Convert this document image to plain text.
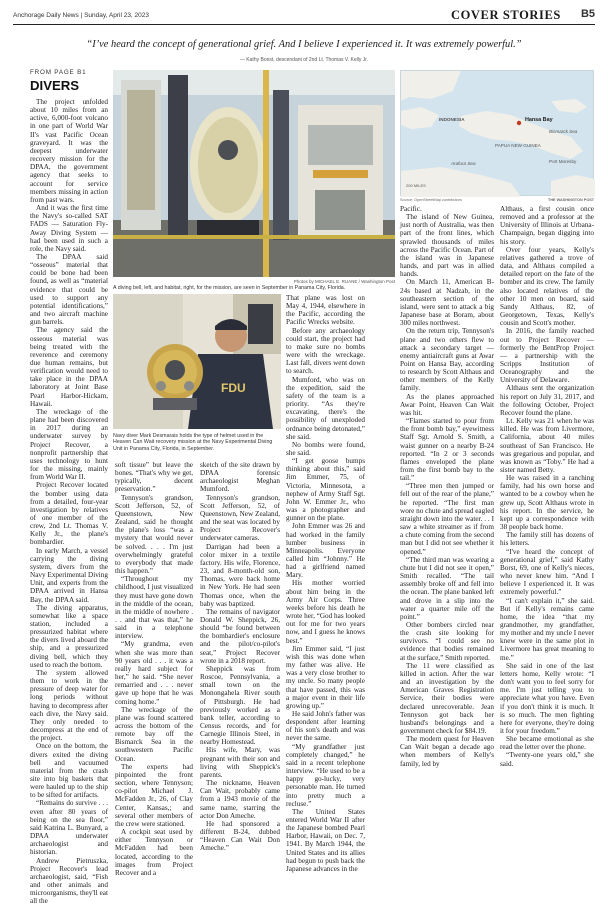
Anchorage Daily News | Sunday, April 23, 2023	COVER STORIES B5
“I’ve heard the concept of generational grief. And I believe I experienced it. It was extremely powerful.”
— Kathy Bonst, descendant of 2nd Lt. Thomas V. Kelly Jr.
FROM PAGE B1
DIVERS
Photos by MICHAEL E. RUANE / Washington Post
A diving bell, left, and habitat, right, for the mission, are seen in September in Panama City, Florida.
INDONESIA	Hansa Bay
Bismarck Sea
PAPUA NEW GUINEA
Port Moresby
Arafura Sea
200 MILES
Source: OpenStreetMap contributors	THE WASHINGTON POST
FDU
Navy diver Mark Desmarais holds the type of helmet used in the Heaven Can Wait recovery mission at the Navy Experimental Diving Unit in Panama City, Florida, in September.

The project unfolded about 10 miles from an active, 6,000-foot volcano in one part of World War II's vast Pacific Ocean graveyard. It was the deepest underwater recovery mission for the DPAA, the government agency that seeks to account for service members missing in action from past wars.

And it was the first time the Navy's so-called SAT FADS — Saturation Fly-Away Diving System — had been used in such a role, the Navy said.

The DPAA said “osseous” material that could be bone had been found, as well as “material evidence that could be used to support any potential identifications,” and two aircraft machine gun barrels.

The agency said the osseous material was being treated with the reverence and ceremony due human remains, but verification would need to take place in the DPAA laboratory at Joint Base Pearl Harbor-Hickam, Hawaii.

The wreckage of the plane had been discovered in 2017 during an underwater survey by Project Recover, a nonprofit partnership that uses technology to hunt for the missing, mainly from World War II.

Project Recover located the bomber using data from a detailed, four-year investigation by relatives of one member of the crew, 2nd Lt. Thomas V. Kelly Jr., the plane's bombardier.

In early March, a vessel carrying the diving system, divers from the Navy Experimental Diving Unit, and experts from the DPAA arrived in Hansa Bay, the DPAA said.

The diving apparatus, somewhat like a space station, included a pressurized habitat where the divers lived aboard the ship, and a pressurized diving bell, which they used to reach the bottom.

The system allowed them to work in the pressure of deep water for long periods without having to decompress after each dive, the Navy said. They only needed to decompress at the end of the project.

Once on the bottom, the divers exited the diving bell and vacuumed material from the crash site into big baskets that were hauled up to the ship to be sifted for artifacts.

“Remains do survive . . . even after 80 years of being on the sea floor,” said Katrina L. Bunyard, a DPAA underwater archaeologist and historian.

Andrew Pietruszka, Project Recover's lead archaeologist, said, “Fish and other animals and microorganisms, they'll eat all the

soft tissue” but leave the bones. “That's why we get, typically, decent preservation.”

Tennyson's grandson, Scott Jefferson, 52, of Queenstown, New Zealand, said he thought the plane's loss “was a mystery that would never be solved. . . . I'm just overwhelmingly grateful to everybody that made this happen.”

“Throughout my childhood, I just visualized they must have gone down in the middle of the ocean, in the middle of nowhere . . . and that was that,” he said in a telephone interview.

“My grandma, even when she was more than 90 years old . . . it was a really hard subject for her,” he said. “She never remarried and . . . never gave up hope that he was coming home.”

The wreckage of the plane was found scattered across the bottom of the remote bay off the Bismarck Sea in the southwestern Pacific Ocean.

The experts had pinpointed the front section, where Tennyson; co-pilot Michael J. McFadden Jr., 26, of Clay Center, Kansas,; and several other members of the crew were stationed.

A cockpit seat used by either Tennyson or McFadden had been located, according to the images from Project Recover and a

sketch of the site drawn by DPAA forensic archaeologist Meghan Mumford.

Tennyson's grandson, Scott Jefferson, 52, of Queenstown, New Zealand, and the seat was located by Project Recover's underwater cameras.

Darrigan had been a color mixer in a textile factory. His wife, Florence, 23, and 8-month-old son, Thomas, were back home in New York. He had seen Thomas once, when the baby was baptized.

The remains of navigator Donald W. Sheppick, 26, should “be found between the bombardier's enclosure and the pilot/co-pilot's seat,” Project Recover wrote in a 2018 report.

Sheppick was from Roscoe, Pennsylvania, a small town on the Monongahela River south of Pittsburgh. He had previously worked as a bank teller, according to Census records, and for Carnegie Illinois Steel, in nearby Homestead.

His wife, Mary, was pregnant with their son and living with Sheppick's parents.

The nickname, Heaven Can Wait, probably came from a 1943 movie of the same name, starring the actor Don Ameche.

He had sponsored a different B-24, dubbed “Heaven Can Wait Don Ameche.”

That plane was lost on May 4, 1944, elsewhere in the Pacific, according the Pacific Wrecks website.

Before any archaeology could start, the project had to make sure no bombs were with the wreckage. Last fall, divers went down to search.

Mumford, who was on the expedition, said the safety of the team is a priority. “As they're excavating, there's the possibility of unexploded ordnance being detonated,” she said.

No bombs were found, she said.

“I get goose bumps thinking about this,” said Jim Emmer, 75, of Victoria, Minnesota, a nephew of Army Staff Sgt. John W. Emmer Jr., who was a photographer and gunner on the plane.

John Emmer was 26 and had worked in the family lumber business in Minneapolis. Everyone called him “Johnny.” He had a girlfriend named Mary.

His mother worried about him being in the Army Air Corps. Three weeks before his death he wrote her, “God has looked out for me for two years now, and I guess he knows best.”

Jim Emmer said, “I just wish this was done when my father was alive. He was a very close brother to my uncle. So many people that have passed, this was a major event in their life growing up.”

He said John's father was despondent after learning of his son's death and was never the same.

“My grandfather just completely changed,” he said in a recent telephone interview. “He used to be a happy go-lucky, very personable man. He turned into pretty much a recluse.”

The United States entered World War II after the Japanese bombed Pearl Harbor, Hawaii, on Dec. 7, 1941. By March 1944, the United States and its allies had begun to push back the Japanese advances in the

Pacific.

The island of New Guinea, just north of Australia, was then part of the front lines, which sprawled thousands of miles across the Pacific Ocean. Part of the island was in Japanese hands, and part was in allied hands.

On March 11, American B-24s based at Nadzab, in the southeastern section of the island, were sent to attack a big Japanese base at Boram, about 300 miles northwest.

On the return trip, Tennyson's plane and two others flew to attack a secondary target — enemy antiaircraft guns at Awar Point on Hansa Bay, according to research by Scott Althaus and other members of the Kelly family.

As the planes approached Awar Point, Heaven Can Wait was hit.

“Flames started to pour from the front bomb bay,” eyewitness Staff Sgt. Arnold S. Smith, a waist gunner on a nearby B-24 reported. “In 2 or 3 seconds flames enveloped the plane from the first bomb bay to the tail.”

“Three men then jumped or fell out of the rear of the plane,” he reported. “The first man wore no chute and spread eagled straight down into the water. . . I saw a white streamer as if from a chute coming from the second man but I did not see whether it opened.”

“The third man was wearing a chute but I did not see it open,” Smith recalled. “The tail assembly broke off and fell into the ocean. The plane banked left and drove in a slip into the water a quarter mile off the point.”

Other bombers circled near the crash site looking for survivors. “I could see no evidence that bodies remained at the surface,” Smith reported.

The 11 were classified as killed in action. After the war and an investigation by the American Graves Registration Service, their bodies were declared unrecoverable. Jean Tennyson got back her husband's belongings and a government check for $84.19.

The modern quest for Heaven Can Wait began a decade ago when members of Kelly's family, led by

Althaus, a first cousin once removed and a professor at the University of Illinois at Urbana-Champaign, began digging into his story.

Over four years, Kelly's relatives gathered a trove of data, and Althaus compiled a detailed report on the fate of the bomber and its crew. The family also located relatives of the other 10 men on board, said Sandy Althaus, 82, of Georgetown, Texas, Kelly's cousin and Scott's mother.

In 2016, the family reached out to Project Recover — formerly the BentProp Project — a partnership with the Scripps Institution of Oceanography and the University of Delaware.

Althaus sent the organization his report on July 31, 2017, and the following October, Project Recover found the plane.

Lt. Kelly was 21 when he was killed. He was from Livermore, California, about 40 miles southeast of San Francisco. He was gregarious and popular, and was known as “Toby.” He had a sister named Betty.

He was raised in a ranching family, had his own horse and wanted to be a cowboy when he grew up, Scott Althaus wrote in his report. In the service, he kept up a correspondence with 38 people back home.

The family still has dozens of his letters.

“I've heard the concept of generational grief,” said Kathy Borst, 69, one of Kelly's nieces, who never knew him. “And I believe I experienced it. It was extremely powerful.”

“I can't explain it,” she said. But if Kelly's remains came home, the idea “that my grandmother, my grandfather, my mother and my uncle I never knew were in the same plot in Livermore has great meaning to me.”

She said in one of the last letters home, Kelly wrote: “I don't want you to feel sorry for me. I'm just telling you to appreciate what you have. Even if you don't think it is much. It is so much. The men fighting here for everyone, they're doing it for your freedom.”

She became emotional as she read the letter over the phone.

“Twenty-one years old,” she said.
